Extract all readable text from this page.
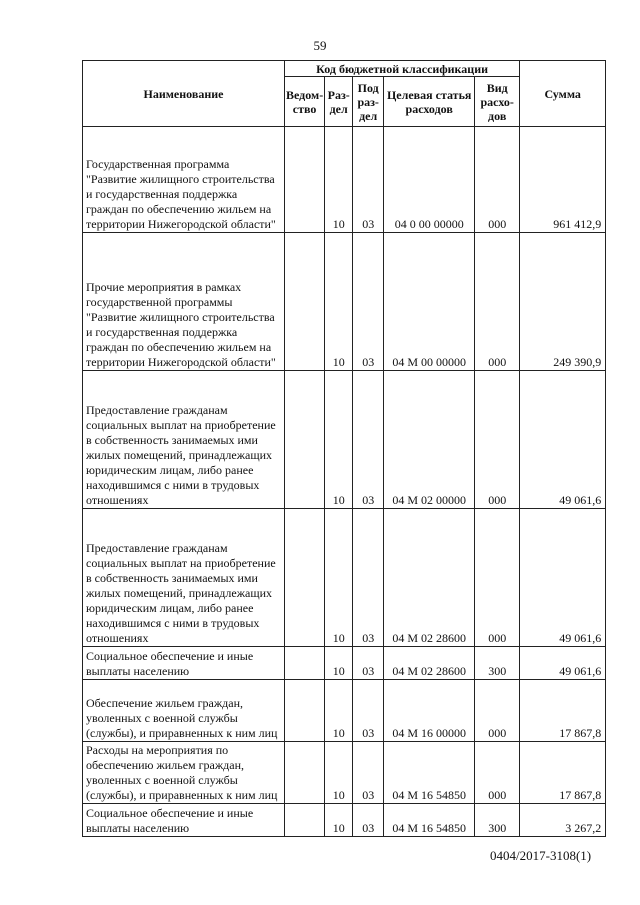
59
Наименование	Код бюджетной классификации					Сумма
	Ведом-ство	Раз-дел	Под раз-дел	Целевая статья расходов	Вид расхо-дов	
Государственная программа "Развитие жилищного строительства и государственная поддержка граждан по обеспечению жильем на территории Нижегородской области"		10	03	04 0 00 00000	000	961 412,9
Прочие мероприятия в рамках государственной программы "Развитие жилищного строительства и государственная поддержка граждан по обеспечению жильем на территории Нижегородской области"		10	03	04 М 00 00000	000	249 390,9
Предоставление гражданам социальных выплат на приобретение в собственность занимаемых ими жилых помещений, принадлежащих юридическим лицам, либо ранее находившимся с ними в трудовых отношениях		10	03	04 М 02 00000	000	49 061,6
Предоставление гражданам социальных выплат на приобретение в собственность занимаемых ими жилых помещений, принадлежащих юридическим лицам, либо ранее находившимся с ними в трудовых отношениях		10	03	04 М 02 28600	000	49 061,6
Социальное обеспечение и иные выплаты населению		10	03	04 М 02 28600	300	49 061,6
Обеспечение жильем граждан, уволенных с военной службы (службы), и приравненных к ним лиц		10	03	04 М 16 00000	000	17 867,8
Расходы на мероприятия по обеспечению жильем граждан, уволенных с военной службы (службы), и приравненных к ним лиц		10	03	04 М 16 54850	000	17 867,8
Социальное обеспечение и иные выплаты населению		10	03	04 М 16 54850	300	3 267,2
0404/2017-3108(1)
